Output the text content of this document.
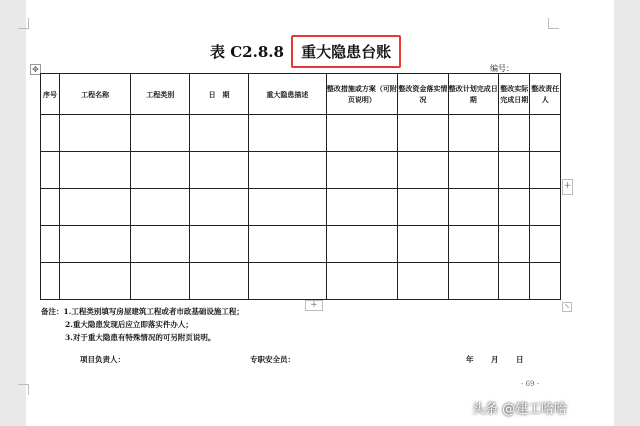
表 C2.8.8 重大隐患台账
编号：
✥
序号	工程名称	工程类别	日　期	重大隐患描述	整改措施或方案（可附页说明）	整改资金落实情况	整改计划完成日期	整改实际完成日期	整改责任人

+
+
⤡
备注：1.工程类别填写房屋建筑工程或者市政基础设施工程；
2.重大隐患发现后应立即落实件办人；
3.对于重大隐患有特殊情况的可另附页说明。
项目负责人：	专职安全员：	年 月 日
- 69 -
头条 @建工哈哈
